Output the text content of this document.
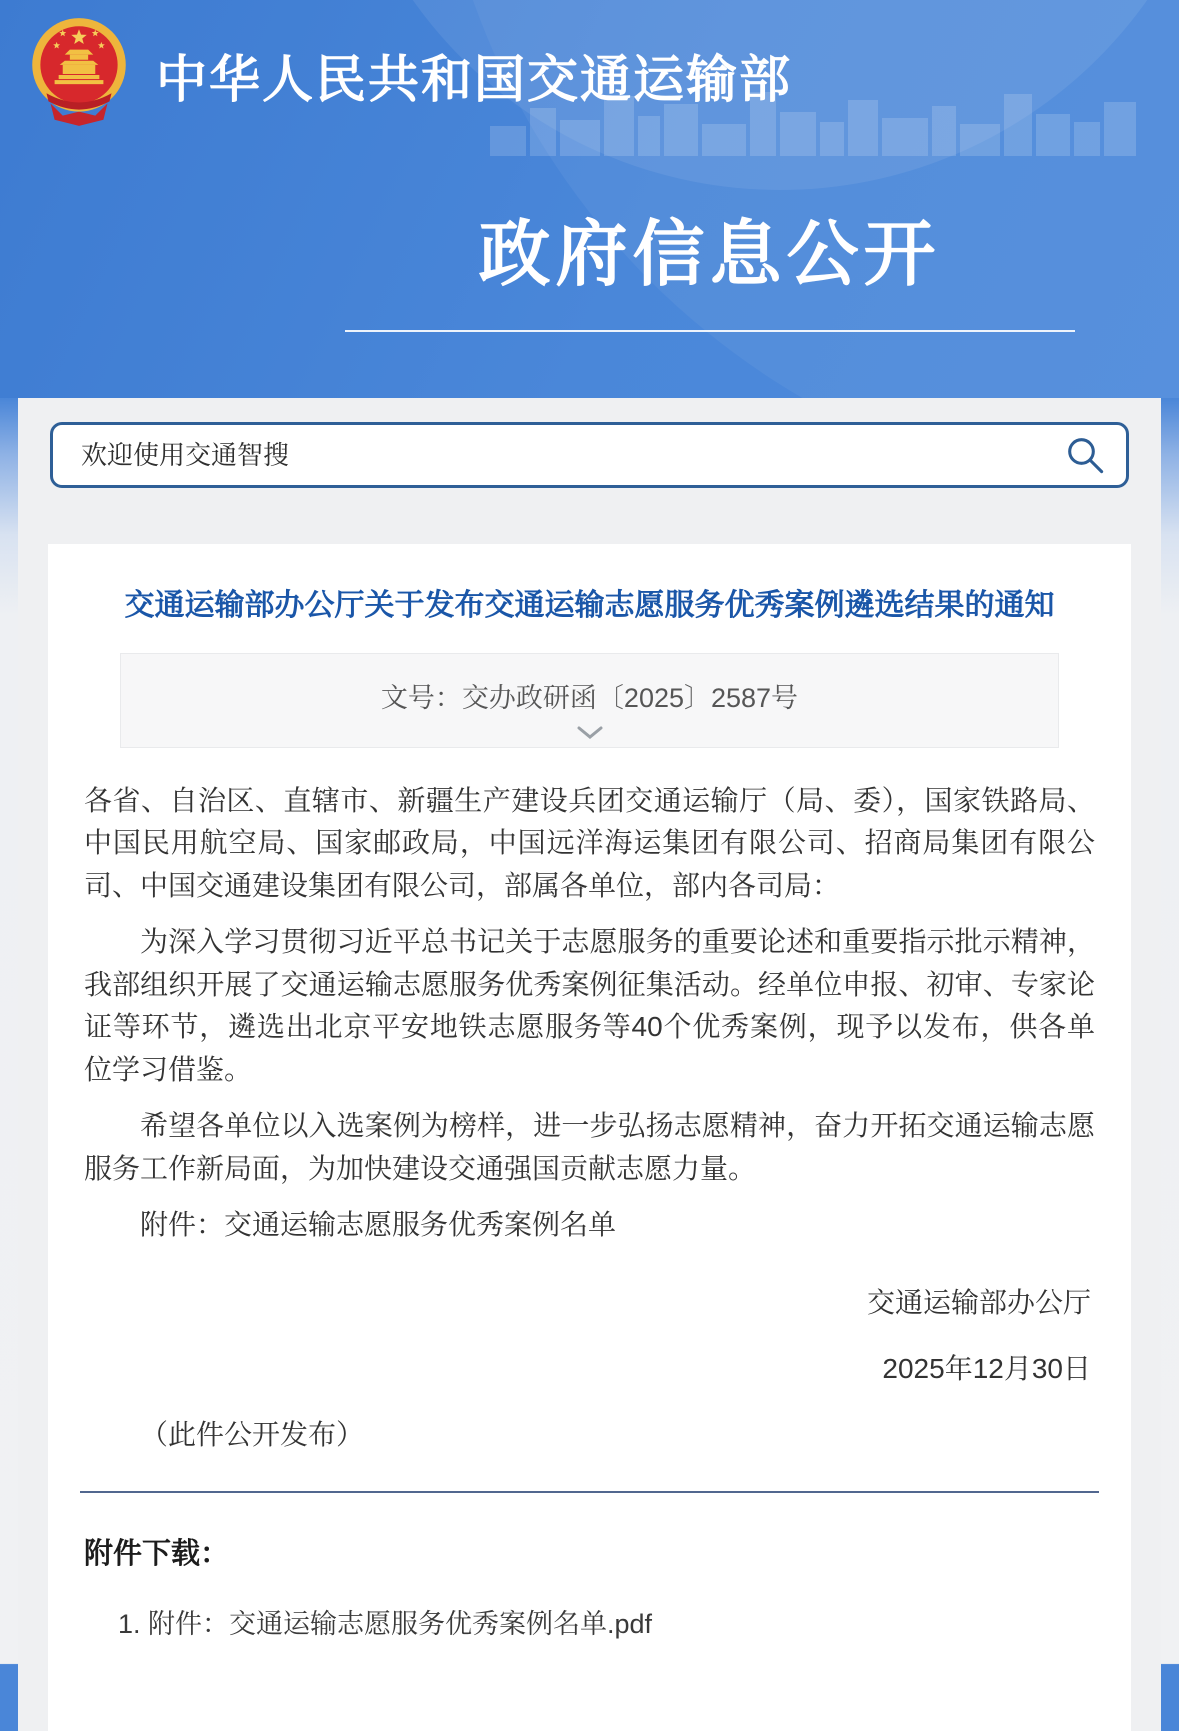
中华人民共和国交通运输部
政府信息公开
欢迎使用交通智搜
交通运输部办公厅关于发布交通运输志愿服务优秀案例遴选结果的通知
文号：交办政研函〔2025〕2587号

各省、自治区、直辖市、新疆生产建设兵团交通运输厅（局、委），国家铁路局、中国民用航空局、国家邮政局，中国远洋海运集团有限公司、招商局集团有限公司、中国交通建设集团有限公司，部属各单位，部内各司局：

为深入学习贯彻习近平总书记关于志愿服务的重要论述和重要指示批示精神，我部组织开展了交通运输志愿服务优秀案例征集活动。经单位申报、初审、专家论证等环节，遴选出北京平安地铁志愿服务等40个优秀案例，现予以发布，供各单位学习借鉴。

希望各单位以入选案例为榜样，进一步弘扬志愿精神，奋力开拓交通运输志愿服务工作新局面，为加快建设交通强国贡献志愿力量。

附件：交通运输志愿服务优秀案例名单

交通运输部办公厅
2025年12月30日
（此件公开发布）
附件下载：
1. 附件：交通运输志愿服务优秀案例名单.pdf
